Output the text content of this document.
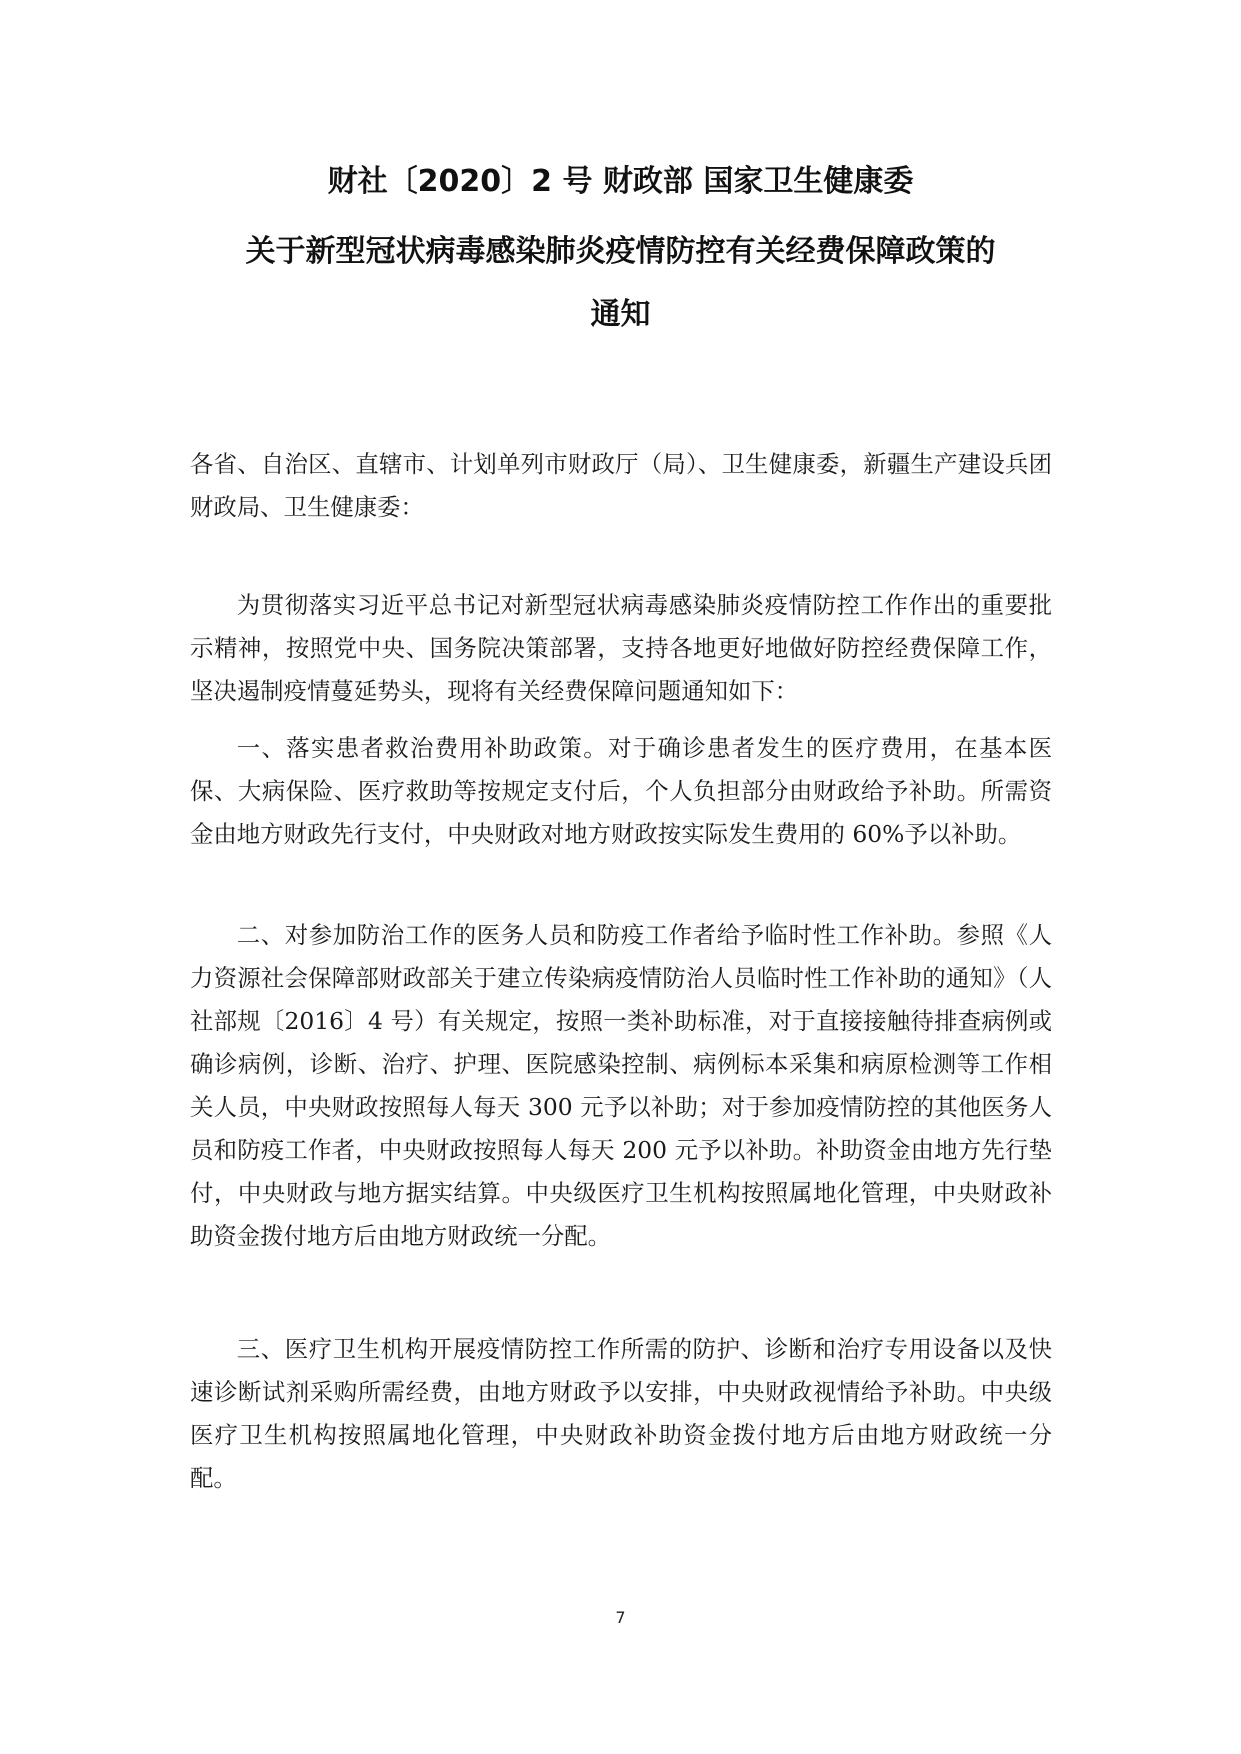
财社〔2020〕2 号 财政部 国家卫生健康委
关于新型冠状病毒感染肺炎疫情防控有关经费保障政策的
通知

各省、自治区、直辖市、计划单列市财政厅（局）、卫生健康委，新疆生产建设兵团财政局、卫生健康委：

为贯彻落实习近平总书记对新型冠状病毒感染肺炎疫情防控工作作出的重要批示精神，按照党中央、国务院决策部署，支持各地更好地做好防控经费保障工作，坚决遏制疫情蔓延势头，现将有关经费保障问题通知如下：

一、落实患者救治费用补助政策。对于确诊患者发生的医疗费用，在基本医保、大病保险、医疗救助等按规定支付后，个人负担部分由财政给予补助。所需资金由地方财政先行支付，中央财政对地方财政按实际发生费用的 60%予以补助。

二、对参加防治工作的医务人员和防疫工作者给予临时性工作补助。参照《人力资源社会保障部财政部关于建立传染病疫情防治人员临时性工作补助的通知》（人社部规〔2016〕4 号）有关规定，按照一类补助标准，对于直接接触待排查病例或确诊病例，诊断、治疗、护理、医院感染控制、病例标本采集和病原检测等工作相关人员，中央财政按照每人每天 300 元予以补助；对于参加疫情防控的其他医务人员和防疫工作者，中央财政按照每人每天 200 元予以补助。补助资金由地方先行垫付，中央财政与地方据实结算。中央级医疗卫生机构按照属地化管理，中央财政补助资金拨付地方后由地方财政统一分配。

三、医疗卫生机构开展疫情防控工作所需的防护、诊断和治疗专用设备以及快速诊断试剂采购所需经费，由地方财政予以安排，中央财政视情给予补助。中央级医疗卫生机构按照属地化管理，中央财政补助资金拨付地方后由地方财政统一分配。

7
